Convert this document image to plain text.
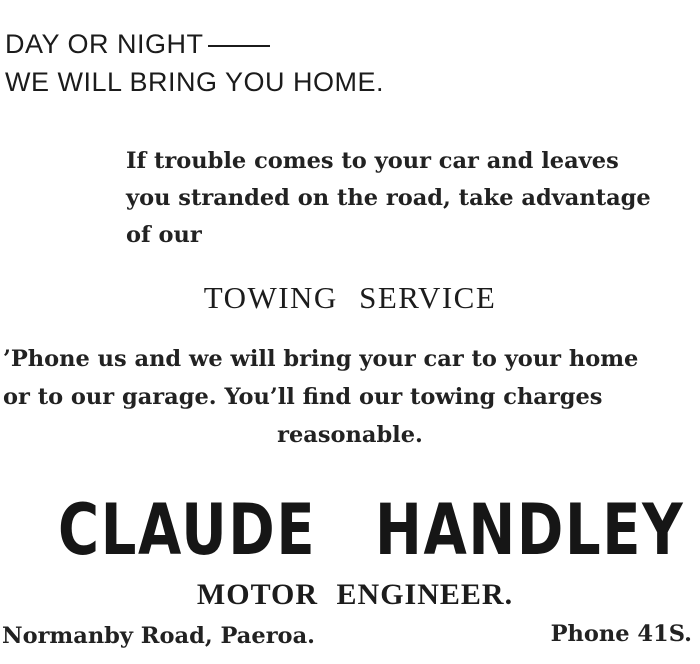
DAY OR NIGHT
WE WILL BRING YOU HOME.
If trouble comes to your car and leaves
you stranded on the road, take advantage
of our
TOWING SERVICE
’Phone us and we will bring your car to your home
or to our garage. You’ll find our towing charges
reasonable.
CLAUDE HANDLEY
MOTOR ENGINEER.
Normanby Road, Paeroa.	Phone 41S.
